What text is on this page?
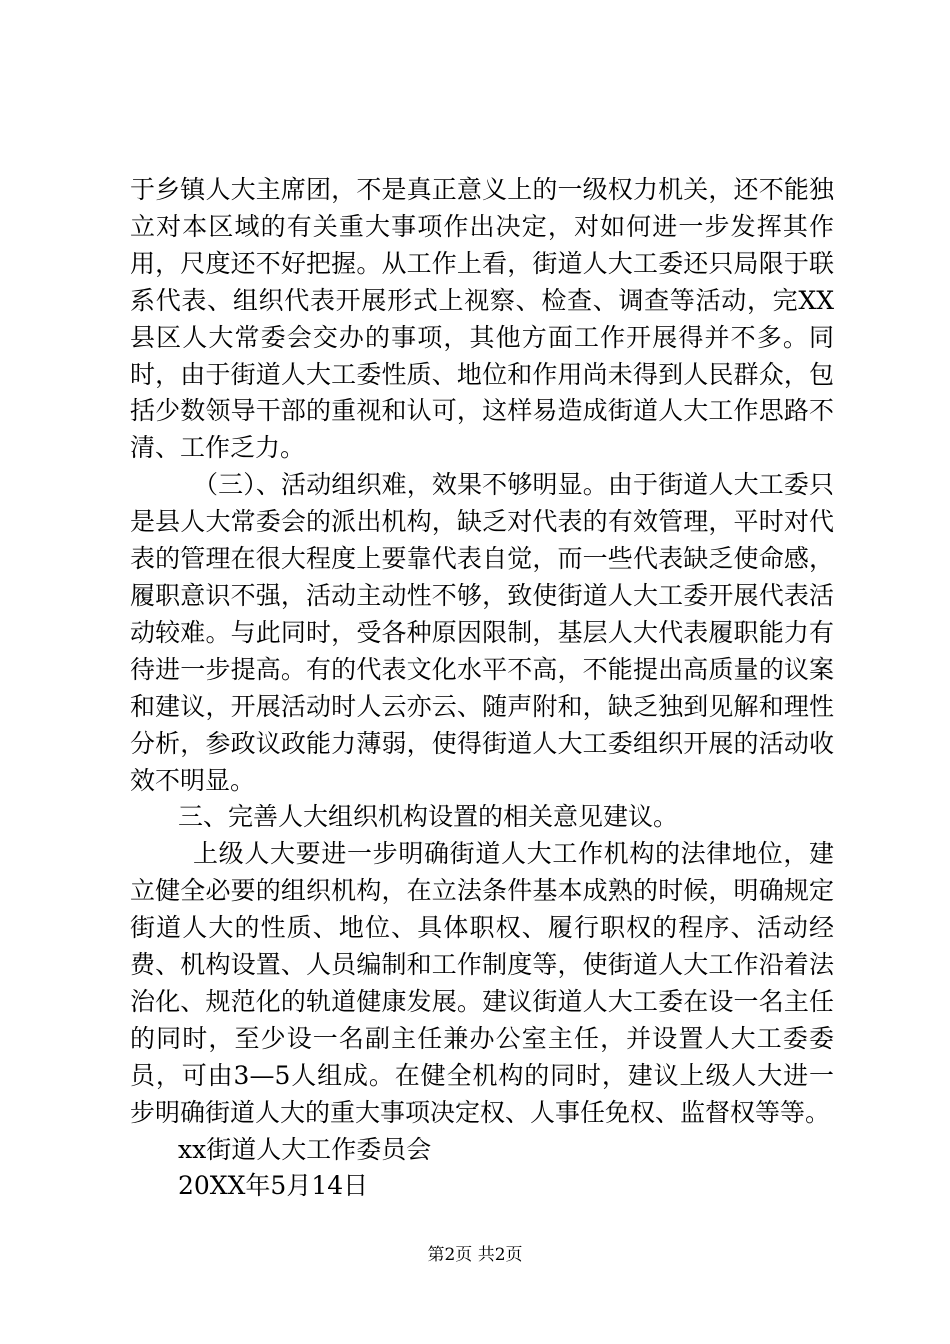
于乡镇人大主席团，不是真正意义上的一级权力机关，还不能独立对本区域的有关重大事项作出决定，对如何进一步发挥其作用，尺度还不好把握。从工作上看，街道人大工委还只局限于联系代表、组织代表开展形式上视察、检查、调查等活动，完XX县区人大常委会交办的事项，其他方面工作开展得并不多。同时，由于街道人大工委性质、地位和作用尚未得到人民群众，包括少数领导干部的重视和认可，这样易造成街道人大工作思路不清、工作乏力。

（三）、活动组织难，效果不够明显。由于街道人大工委只是县人大常委会的派出机构，缺乏对代表的有效管理，平时对代表的管理在很大程度上要靠代表自觉，而一些代表缺乏使命感，履职意识不强，活动主动性不够，致使街道人大工委开展代表活动较难。与此同时，受各种原因限制，基层人大代表履职能力有待进一步提高。有的代表文化水平不高，不能提出高质量的议案和建议，开展活动时人云亦云、随声附和，缺乏独到见解和理性分析，参政议政能力薄弱，使得街道人大工委组织开展的活动收效不明显。

三、完善人大组织机构设置的相关意见建议。

上级人大要进一步明确街道人大工作机构的法律地位，建立健全必要的组织机构，在立法条件基本成熟的时候，明确规定街道人大的性质、地位、具体职权、履行职权的程序、活动经费、机构设置、人员编制和工作制度等，使街道人大工作沿着法治化、规范化的轨道健康发展。建议街道人大工委在设一名主任的同时，至少设一名副主任兼办公室主任，并设置人大工委委员，可由3—5人组成。在健全机构的同时，建议上级人大进一步明确街道人大的重大事项决定权、人事任免权、监督权等等。

xx街道人大工作委员会

20XX年5月14日

第2页 共2页
